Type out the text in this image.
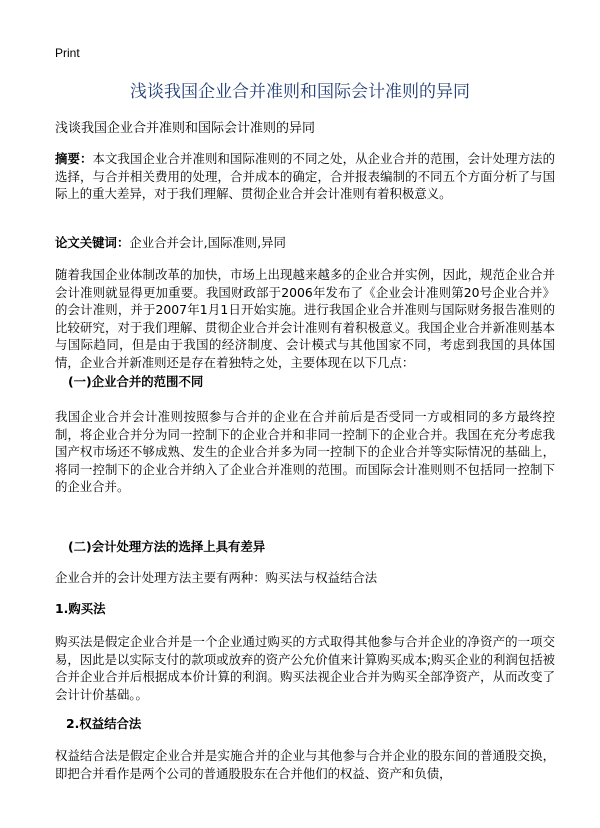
Print
浅谈我国企业合并准则和国际会计准则的异同

浅谈我国企业合并准则和国际会计准则的异同

摘要：本文我国企业合并准则和国际准则的不同之处，从企业合并的范围，会计处理方法的选择，与合并相关费用的处理，合并成本的确定，合并报表编制的不同五个方面分析了与国际上的重大差异，对于我们理解、贯彻企业合并会计准则有着积极意义。

论文关键词：企业合并会计,国际准则,异同

随着我国企业体制改革的加快，市场上出现越来越多的企业合并实例，因此，规范企业合并会计准则就显得更加重要。我国财政部于2006年发布了《企业会计准则第20号企业合并》的会计准则，并于2007年1月1日开始实施。进行我国企业合并准则与国际财务报告准则的比较研究，对于我们理解、贯彻企业合并会计准则有着积极意义。我国企业合并新准则基本与国际趋同，但是由于我国的经济制度、会计模式与其他国家不同，考虑到我国的具体国情，企业合并新准则还是存在着独特之处，主要体现在以下几点：

(一)企业合并的范围不同

我国企业合并会计准则按照参与合并的企业在合并前后是否受同一方或相同的多方最终控制，将企业合并分为同一控制下的企业合并和非同一控制下的企业合并。我国在充分考虑我国产权市场还不够成熟、发生的企业合并多为同一控制下的企业合并等实际情况的基础上，将同一控制下的企业合并纳入了企业合并准则的范围。而国际会计准则则不包括同一控制下的企业合并。

(二)会计处理方法的选择上具有差异

企业合并的会计处理方法主要有两种：购买法与权益结合法

1.购买法

购买法是假定企业合并是一个企业通过购买的方式取得其他参与合并企业的净资产的一项交易，因此是以实际支付的款项或放弃的资产公允价值来计算购买成本;购买企业的利润包括被合并企业合并后根据成本价计算的利润。购买法视企业合并为购买全部净资产，从而改变了会计计价基础。。

2.权益结合法

权益结合法是假定企业合并是实施合并的企业与其他参与合并企业的股东间的普通股交换，即把合并看作是两个公司的普通股股东在合并他们的权益、资产和负债，
